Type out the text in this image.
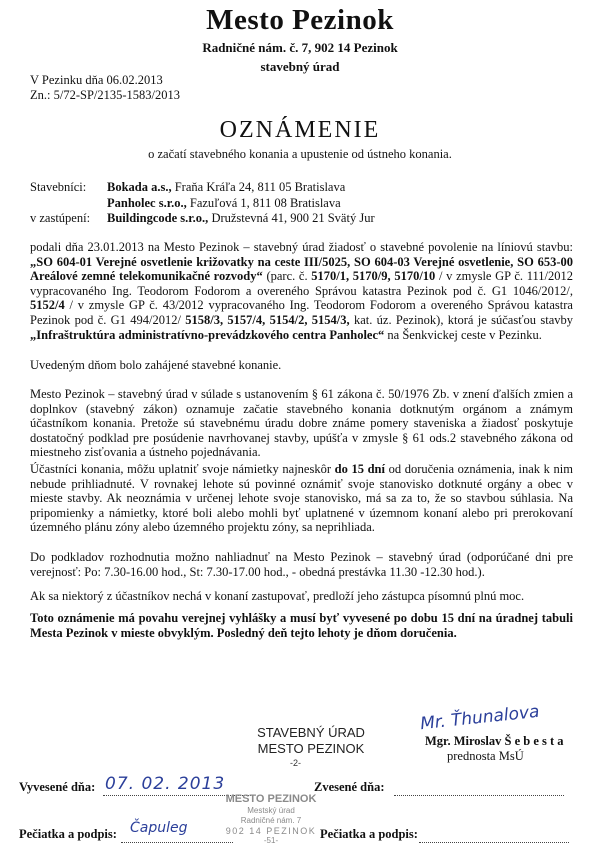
Mesto Pezinok
Radničné nám. č. 7, 902 14 Pezinok
stavebný úrad
V Pezinku dňa 06.02.2013
Zn.: 5/72-SP/2135-1583/2013
OZNÁMENIE
o začatí stavebného konania a upustenie od ústneho konania.
Stavebníci: Bokada a.s., Fraňa Kráľa 24, 811 05 Bratislava
Panholec s.r.o., Fazuľová 1, 811 08 Bratislava
v zastúpení: Buildingcode s.r.o., Družstevná 41, 900 21 Svätý Jur
podali dňa 23.01.2013 na Mesto Pezinok – stavebný úrad žiadosť o stavebné povolenie na líniovú stavbu: „SO 604-01 Verejné osvetlenie križovatky na ceste III/5025, SO 604-03 Verejné osvetlenie, SO 653-00 Areálové zemné telekomunikačné rozvody“ (parc. č. 5170/1, 5170/9, 5170/10 / v zmysle GP č. 111/2012 vypracovaného Ing. Teodorom Fodorom a overeného Správou katastra Pezinok pod č. G1 1046/2012/, 5152/4 / v zmysle GP č. 43/2012 vypracovaného Ing. Teodorom Fodorom a overeného Správou katastra Pezinok pod č. G1 494/2012/ 5158/3, 5157/4, 5154/2, 5154/3, kat. úz. Pezinok), ktorá je súčasťou stavby „Infraštruktúra administratívno-prevádzkového centra Panholec“ na Šenkvickej ceste v Pezinku.
Uvedeným dňom bolo zahájené stavebné konanie.
Mesto Pezinok – stavebný úrad v súlade s ustanovením § 61 zákona č. 50/1976 Zb. v znení ďalších zmien a doplnkov (stavebný zákon) oznamuje začatie stavebného konania dotknutým orgánom a známym účastníkom konania. Pretože sú stavebnému úradu dobre známe pomery staveniska a žiadosť poskytuje dostatočný podklad pre posúdenie navrhovanej stavby, upúšťa v zmysle § 61 ods.2 stavebného zákona od miestneho zisťovania a ústneho pojednávania.
Účastníci konania, môžu uplatniť svoje námietky najneskôr do 15 dní od doručenia oznámenia, inak k nim nebude prihliadnuté. V rovnakej lehote sú povinné oznámiť svoje stanovisko dotknuté orgány a obec v mieste stavby. Ak neoznámia v určenej lehote svoje stanovisko, má sa za to, že so stavbou súhlasia. Na pripomienky a námietky, ktoré boli alebo mohli byť uplatnené v územnom konaní alebo pri prerokovaní územného plánu zóny alebo územného projektu zóny, sa neprihliada.
Do podkladov rozhodnutia možno nahliadnuť na Mesto Pezinok – stavebný úrad (odporúčané dni pre verejnosť: Po: 7.30-16.00 hod., St: 7.30-17.00 hod., - obedná prestávka 11.30 -12.30 hod.).
Ak sa niektorý z účastníkov nechá v konaní zastupovať, predloží jeho zástupca písomnú plnú moc.
Toto oznámenie má povahu verejnej vyhlášky a musí byť vyvesené po dobu 15 dní na úradnej tabuli Mesta Pezinok v mieste obvyklým. Posledný deň tejto lehoty je dňom doručenia.
STAVEBNÝ ÚRAD
MESTO PEZINOK
-2-
Mr. Ťhunalova
Mgr. Miroslav Š e b e s t a
prednosta MsÚ
Vyvesené dňa: 07. 02. 2013	Zvesené dňa:
Pečiatka a podpis: Čapuleg
MESTO PEZINOK
Mestský úrad
Radničné nám. 7
902 14 PEZINOK
-51-	Pečiatka a podpis:
